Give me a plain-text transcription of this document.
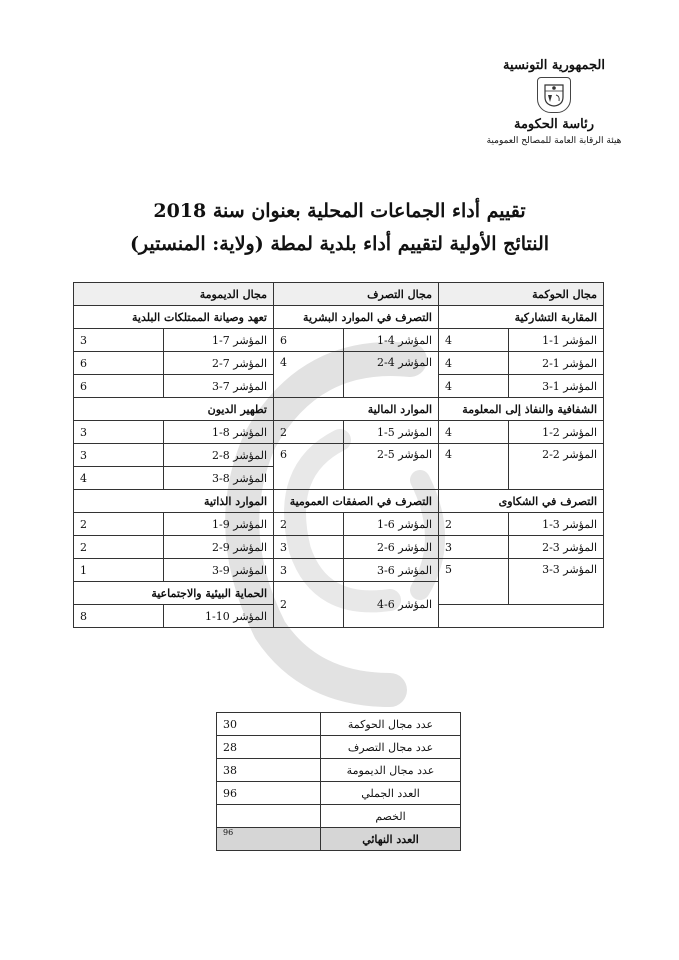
الجمهورية التونسية
رئاسة الحكومة
هيئة الرقابة العامة للمصالح العمومية
تقييم أداء الجماعات المحلية بعنوان سنة 2018
النتائج الأولية لتقييم أداء بلدية لمطة (ولاية: المنستير)
مجال الحوكمة		مجال التصرف		مجال الديمومة	
المقاربة التشاركية		التصرف في الموارد البشرية		تعهد وصيانة الممتلكات البلدية	
المؤشر 1-1	4	المؤشر 4-1	6	المؤشر 7-1	3
المؤشر 1-2	4	المؤشر 4-2	4	المؤشر 7-2	6
المؤشر 1-3	4			المؤشر 7-3	6
الشفافية والنفاذ إلى المعلومة		الموارد المالية		تطهير الديون	
المؤشر 2-1	4	المؤشر 5-1	2	المؤشر 8-1	3
المؤشر 2-2	4	المؤشر 5-2	6	المؤشر 8-2	3
				المؤشر 8-3	4
التصرف في الشكاوى		التصرف في الصفقات العمومية		الموارد الذاتية	
المؤشر 3-1	2	المؤشر 6-1	2	المؤشر 9-1	2
المؤشر 3-2	3	المؤشر 6-2	3	المؤشر 9-2	2
المؤشر 3-3	5	المؤشر 6-3	3	المؤشر 9-3	1
		المؤشر 6-4	2	الحماية البيئية والاجتماعية	
				المؤشر 10-1	8
عدد مجال الحوكمة	30
عدد مجال التصرف	28
عدد مجال الديمومة	38
العدد الجملي	96
الخصم	
العدد النهائي	96
